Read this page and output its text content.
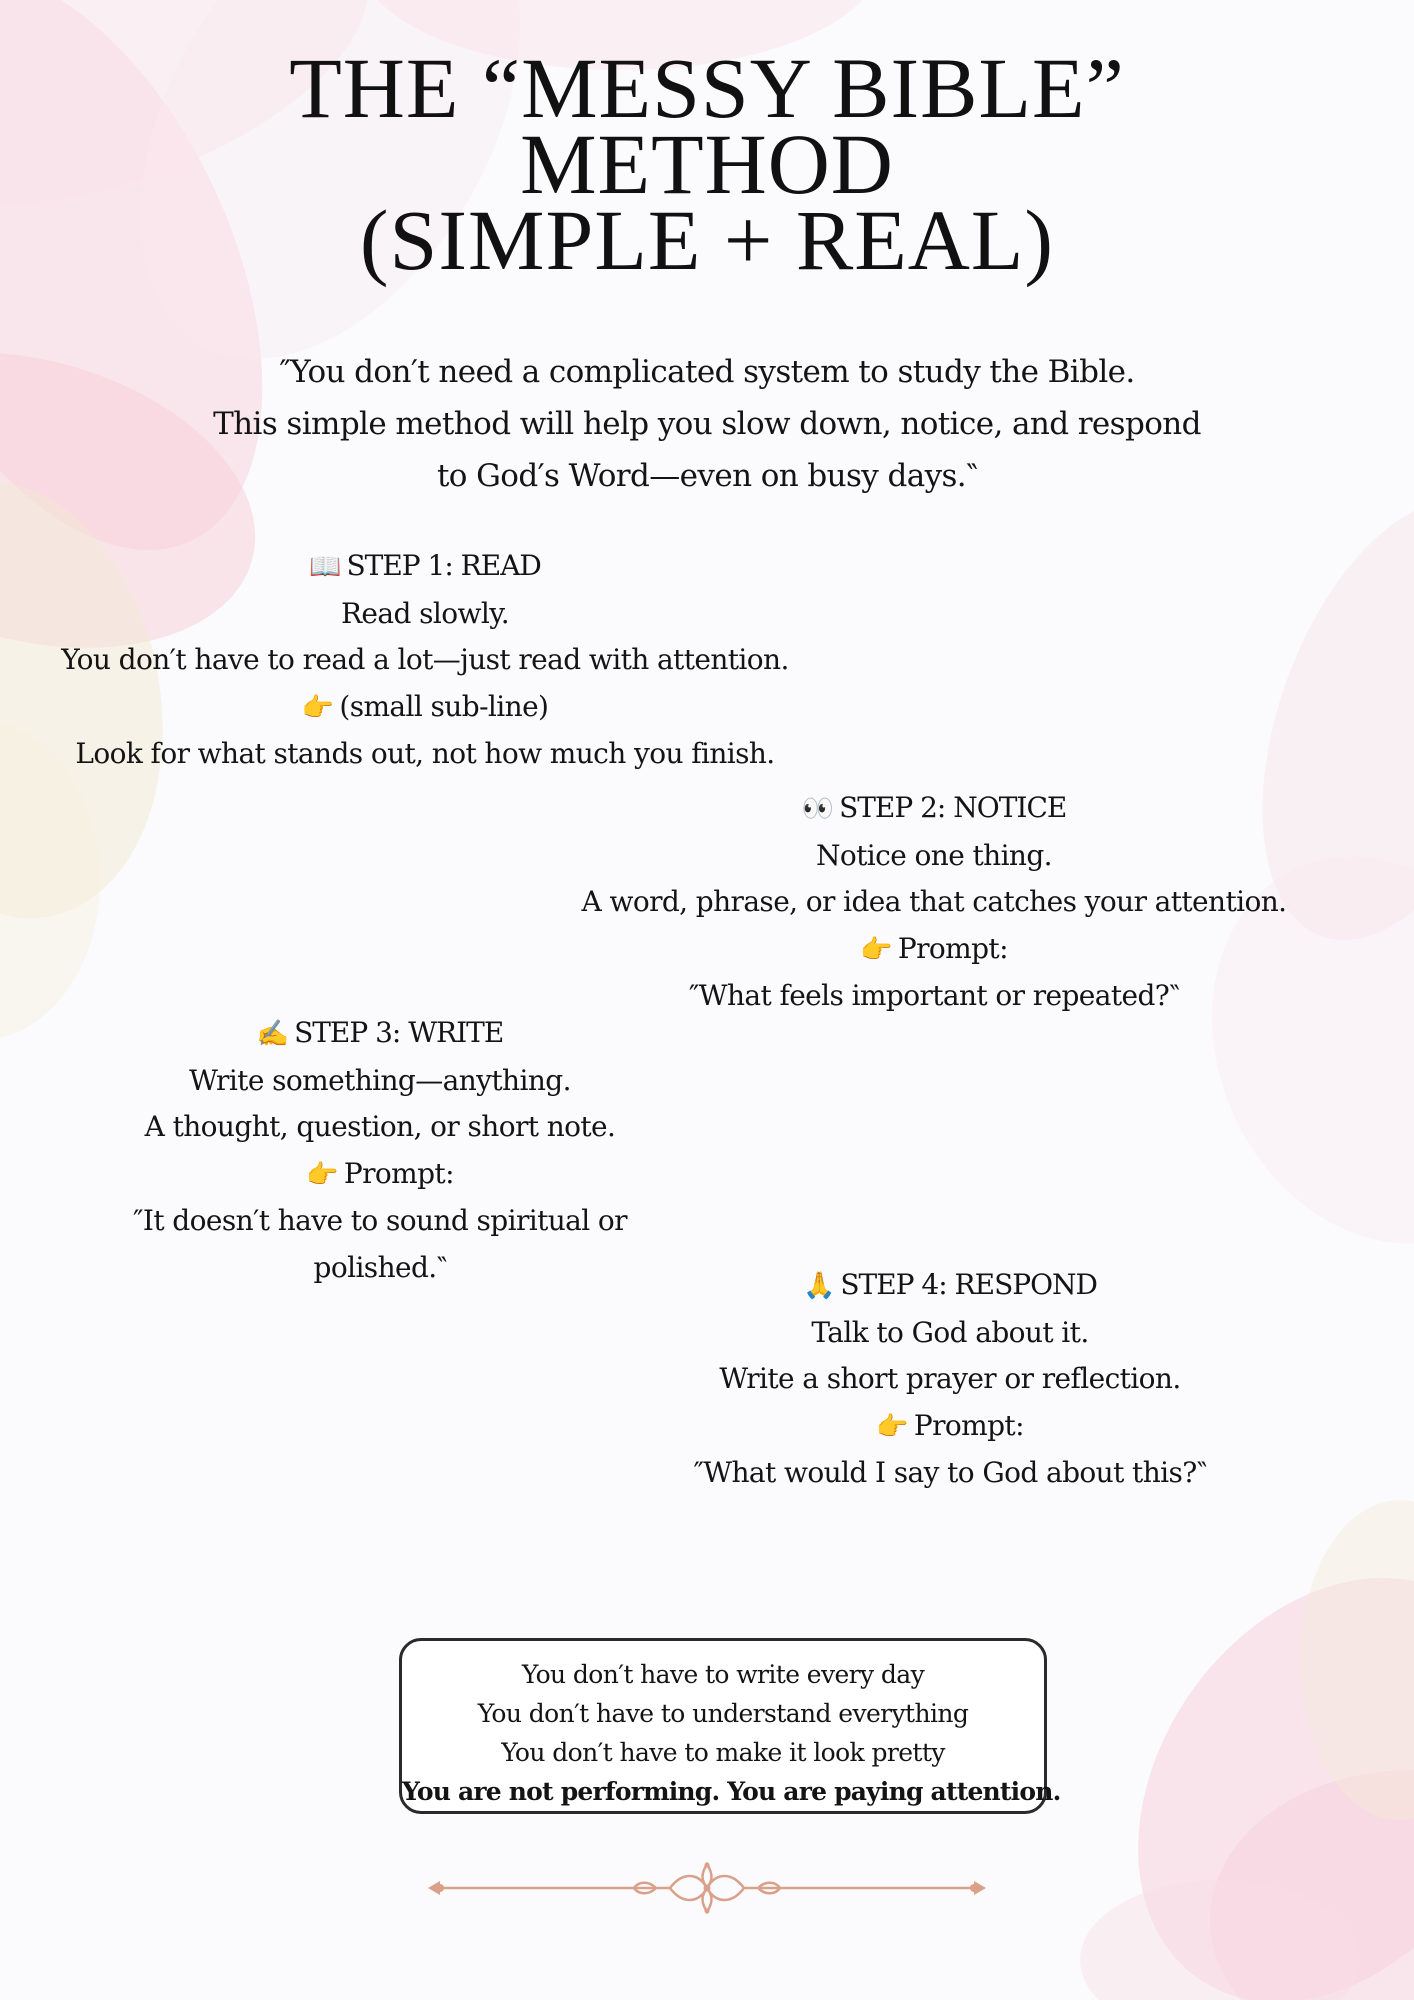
THE “MESSY BIBLE”
METHOD
(SIMPLE + REAL)
″You don′t need a complicated system to study the Bible.
This simple method will help you slow down, notice, and respond
to God′s Word—even on busy days.‶
📖 STEP 1: READ
Read slowly.
You don′t have to read a lot—just read with attention.
👉 (small sub-line)
Look for what stands out, not how much you finish.
👀 STEP 2: NOTICE
Notice one thing.
A word, phrase, or idea that catches your attention.
👉 Prompt:
″What feels important or repeated?‶
✍️ STEP 3: WRITE
Write something—anything.
A thought, question, or short note.
👉 Prompt:
″It doesn′t have to sound spiritual or
polished.‶
🙏 STEP 4: RESPOND
Talk to God about it.
Write a short prayer or reflection.
👉 Prompt:
″What would I say to God about this?‶
You don′t have to write every day
You don′t have to understand everything
You don′t have to make it look pretty
You are not performing. You are paying attention.
